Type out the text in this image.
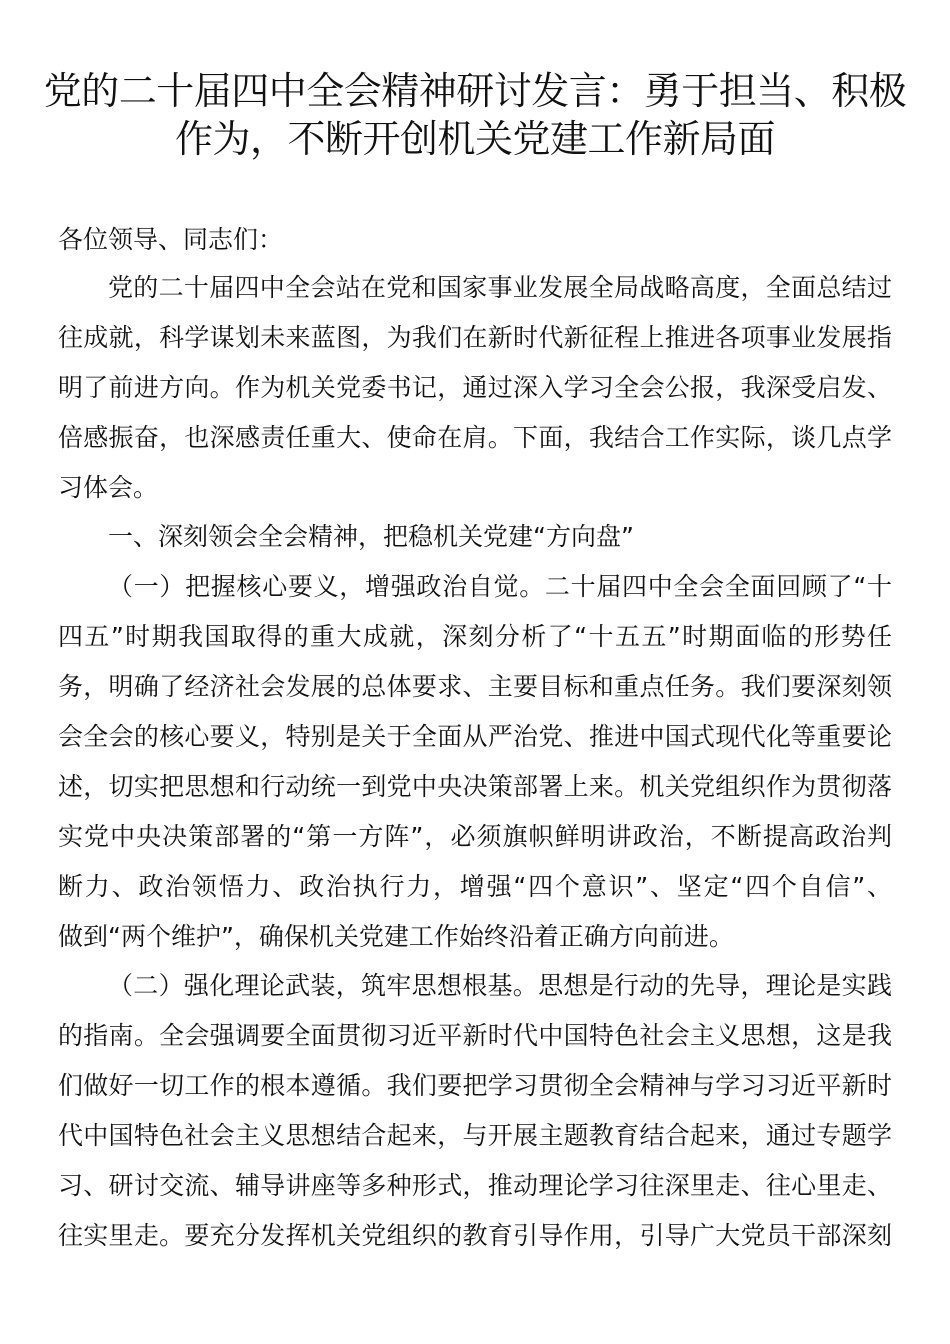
党的二十届四中全会精神研讨发言：勇于担当、积极
作为，不断开创机关党建工作新局面
各位领导、同志们：
党的二十届四中全会站在党和国家事业发展全局战略高度，全面总结过
往成就，科学谋划未来蓝图，为我们在新时代新征程上推进各项事业发展指
明了前进方向。作为机关党委书记，通过深入学习全会公报，我深受启发、
倍感振奋，也深感责任重大、使命在肩。下面，我结合工作实际，谈几点学
习体会。
一、深刻领会全会精神，把稳机关党建“方向盘”
（一）把握核心要义，增强政治自觉。二十届四中全会全面回顾了“十
四五”时期我国取得的重大成就，深刻分析了“十五五”时期面临的形势任
务，明确了经济社会发展的总体要求、主要目标和重点任务。我们要深刻领
会全会的核心要义，特别是关于全面从严治党、推进中国式现代化等重要论
述，切实把思想和行动统一到党中央决策部署上来。机关党组织作为贯彻落
实党中央决策部署的“第一方阵”，必须旗帜鲜明讲政治，不断提高政治判
断力、政治领悟力、政治执行力，增强“四个意识”、坚定“四个自信”、
做到“两个维护”，确保机关党建工作始终沿着正确方向前进。
（二）强化理论武装，筑牢思想根基。思想是行动的先导，理论是实践
的指南。全会强调要全面贯彻习近平新时代中国特色社会主义思想，这是我
们做好一切工作的根本遵循。我们要把学习贯彻全会精神与学习习近平新时
代中国特色社会主义思想结合起来，与开展主题教育结合起来，通过专题学
习、研讨交流、辅导讲座等多种形式，推动理论学习往深里走、往心里走、
往实里走。要充分发挥机关党组织的教育引导作用，引导广大党员干部深刻
